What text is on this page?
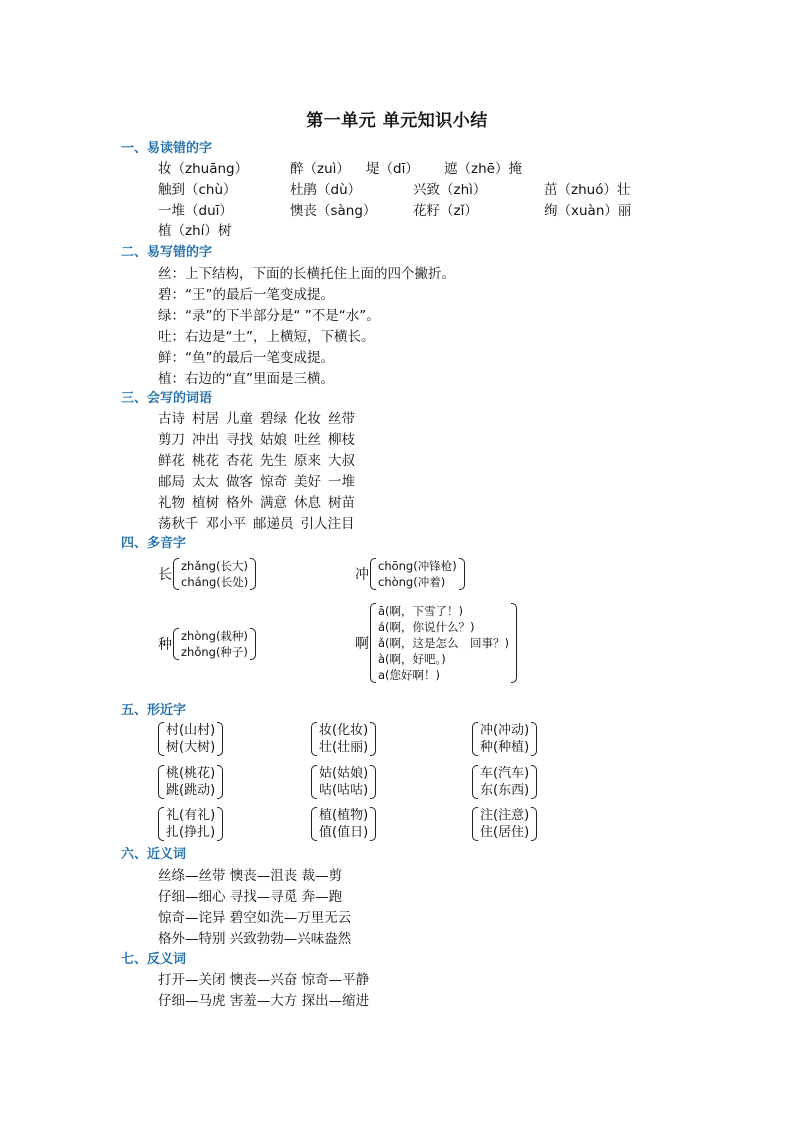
第一单元 单元知识小结
一、易读错的字
妆（zhuāng）	醉（zuì） 堤（dī） 遮（zhē）掩
触到（chù）	杜鹃（dù）	兴致（zhì）	茁（zhuó）壮
一堆（duī）	懊丧（sàng）	花籽（zǐ）	绚（xuàn）丽
植（zhí）树
二、易写错的字
丝：上下结构，下面的长横托住上面的四个撇折。
碧：“王”的最后一笔变成提。
绿：“录”的下半部分是“ ”不是“水”。
吐：右边是“土”，上横短，下横长。
鲜：“鱼”的最后一笔变成提。
植：右边的“直”里面是三横。
三、会写的词语
古诗 村居 儿童 碧绿 化妆 丝带
剪刀 冲出 寻找 姑娘 吐丝 柳枝
鲜花 桃花 杏花 先生 原来 大叔
邮局 太太 做客 惊奇 美好 一堆
礼物 植树 格外 满意 休息 树苗
荡秋千 邓小平 邮递员 引人注目
四、多音字
长
zhǎng(长大)
cháng(长处)	冲
chōng(冲锋枪)
chòng(冲着)
种
zhòng(栽种)
zhǒng(种子)	啊
ā(啊，下雪了！)
á(啊，你说什么？)
ǎ(啊，这是怎么　回事？)
à(啊，好吧。)
a(您好啊！)
五、形近字
村(山村)
树(大树)
妆(化妆)
壮(壮丽)
冲(冲动)
种(种植)
桃(桃花)
跳(跳动)
姑(姑娘)
咕(咕咕)
车(汽车)
东(东西)
礼(有礼)
扎(挣扎)
植(植物)
值(值日)
注(注意)
住(居住)
六、近义词
丝绦—丝带 懊丧—沮丧 裁—剪
仔细—细心 寻找—寻觅 奔—跑
惊奇—诧异 碧空如洗—万里无云
格外—特别 兴致勃勃—兴味盎然
七、反义词
打开—关闭 懊丧—兴奋 惊奇—平静
仔细—马虎 害羞—大方 探出—缩进
